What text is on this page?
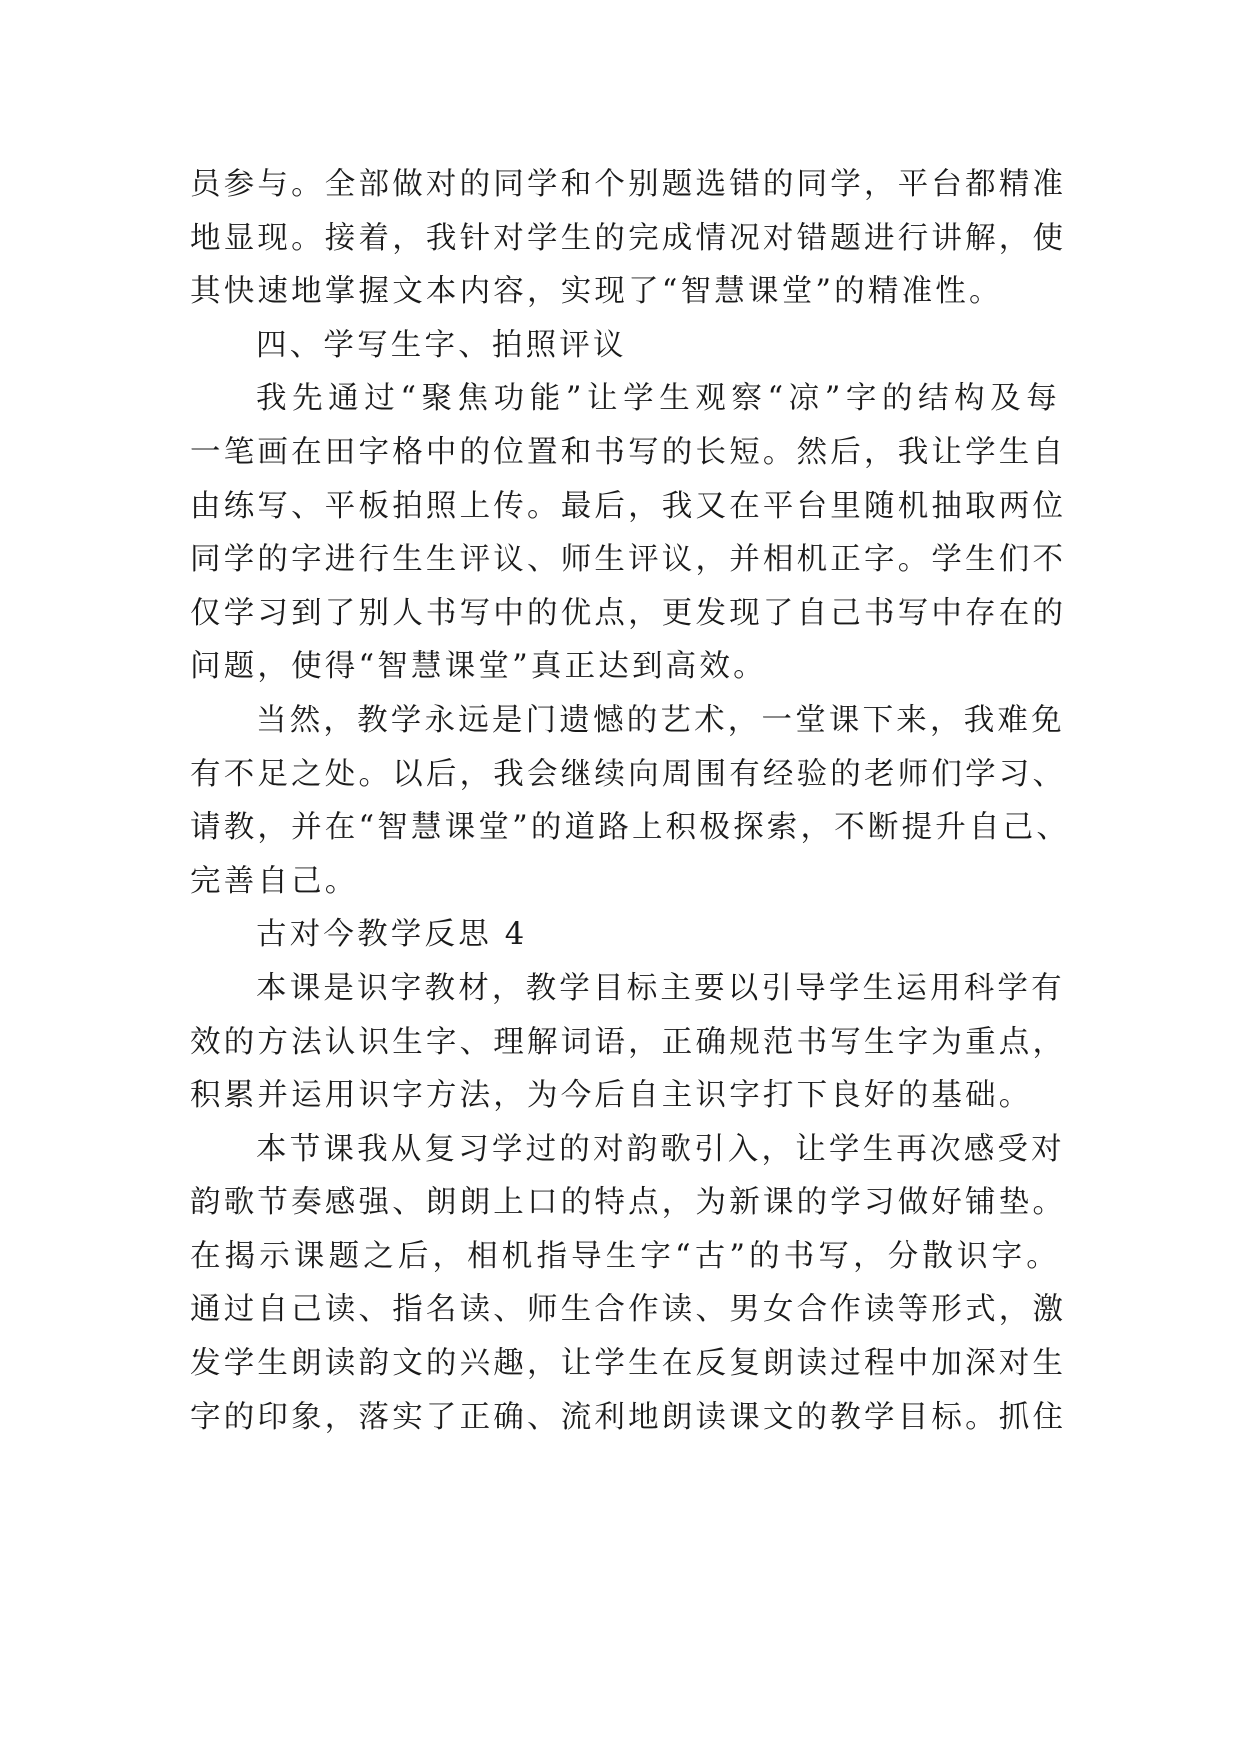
员参与。全部做对的同学和个别题选错的同学，平台都精准
地显现。接着，我针对学生的完成情况对错题进行讲解，使
其快速地掌握文本内容，实现了“智慧课堂”的精准性。
四、学写生字、拍照评议
我先通过“聚焦功能”让学生观察“凉”字的结构及每
一笔画在田字格中的位置和书写的长短。然后，我让学生自
由练写、平板拍照上传。最后，我又在平台里随机抽取两位
同学的字进行生生评议、师生评议，并相机正字。学生们不
仅学习到了别人书写中的优点，更发现了自己书写中存在的
问题，使得“智慧课堂”真正达到高效。
当然，教学永远是门遗憾的艺术，一堂课下来，我难免
有不足之处。以后，我会继续向周围有经验的老师们学习、
请教，并在“智慧课堂”的道路上积极探索，不断提升自己、
完善自己。
古对今教学反思 4
本课是识字教材，教学目标主要以引导学生运用科学有
效的方法认识生字、理解词语，正确规范书写生字为重点，
积累并运用识字方法，为今后自主识字打下良好的基础。
本节课我从复习学过的对韵歌引入，让学生再次感受对
韵歌节奏感强、朗朗上口的特点，为新课的学习做好铺垫。
在揭示课题之后，相机指导生字“古”的书写，分散识字。
通过自己读、指名读、师生合作读、男女合作读等形式，激
发学生朗读韵文的兴趣，让学生在反复朗读过程中加深对生
字的印象，落实了正确、流利地朗读课文的教学目标。抓住
